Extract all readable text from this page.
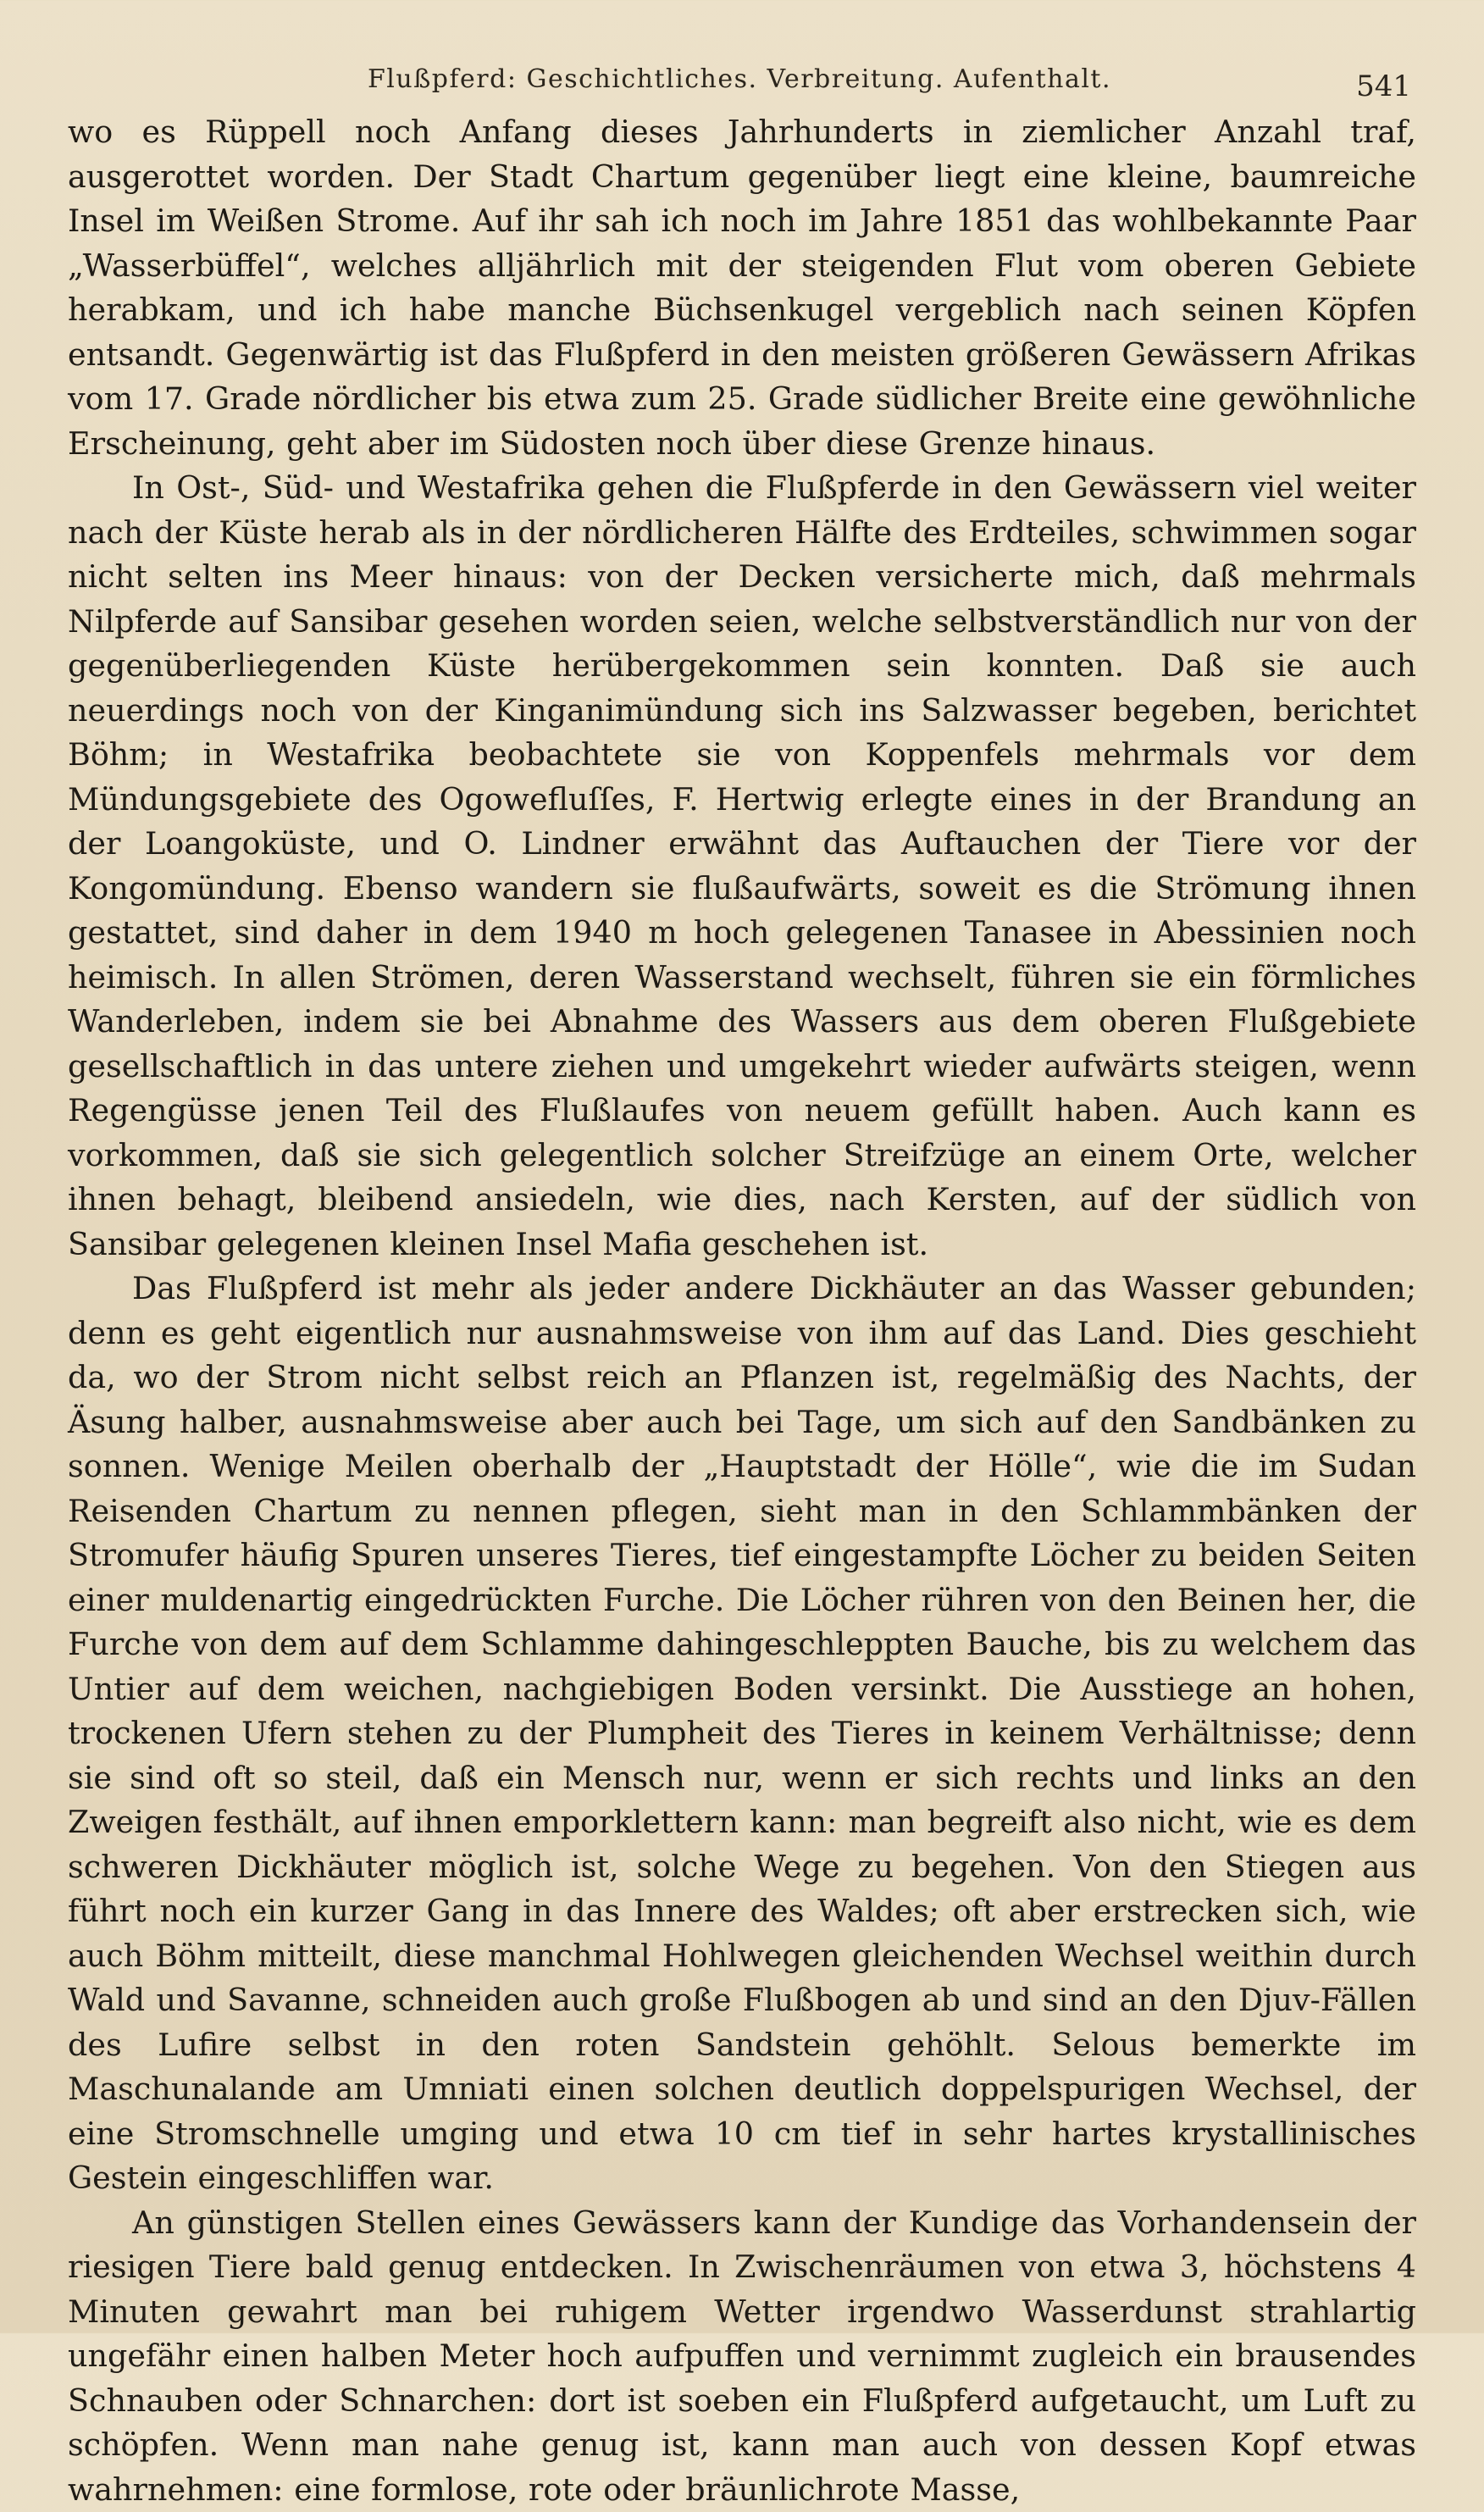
Flußpferd: Geschichtliches. Verbreitung. Aufenthalt.	541

wo es Rüppell noch Anfang dieses Jahrhunderts in ziemlicher Anzahl traf, ausgerottet worden. Der Stadt Chartum gegenüber liegt eine kleine, baumreiche Insel im Weißen Strome. Auf ihr sah ich noch im Jahre 1851 das wohlbekannte Paar „Wasserbüffel“, welches alljährlich mit der steigenden Flut vom oberen Gebiete herabkam, und ich habe manche Büchsenkugel vergeblich nach seinen Köpfen entsandt. Gegenwärtig ist das Flußpferd in den meisten größeren Gewässern Afrikas vom 17. Grade nördlicher bis etwa zum 25. Grade südlicher Breite eine gewöhnliche Erscheinung, geht aber im Südosten noch über diese Grenze hinaus.

In Ost-, Süd- und Westafrika gehen die Flußpferde in den Gewässern viel weiter nach der Küste herab als in der nördlicheren Hälfte des Erdteiles, schwimmen sogar nicht selten ins Meer hinaus: von der Decken versicherte mich, daß mehrmals Nilpferde auf Sansibar gesehen worden seien, welche selbstverständlich nur von der gegenüberliegenden Küste herübergekommen sein konnten. Daß sie auch neuerdings noch von der Kinganimündung sich ins Salzwasser begeben, berichtet Böhm; in Westafrika beobachtete sie von Koppenfels mehrmals vor dem Mündungsgebiete des Ogowefluſſes, F. Hertwig erlegte eines in der Brandung an der Loangoküste, und O. Lindner erwähnt das Auftauchen der Tiere vor der Kongomündung. Ebenso wandern sie flußaufwärts, soweit es die Strömung ihnen gestattet, sind daher in dem 1940 m hoch gelegenen Tanasee in Abessinien noch heimisch. In allen Strömen, deren Wasserstand wechselt, führen sie ein förmliches Wanderleben, indem sie bei Abnahme des Wassers aus dem oberen Flußgebiete gesellschaftlich in das untere ziehen und umgekehrt wieder aufwärts steigen, wenn Regengüsse jenen Teil des Flußlaufes von neuem gefüllt haben. Auch kann es vorkommen, daß sie sich gelegentlich solcher Streifzüge an einem Orte, welcher ihnen behagt, bleibend ansiedeln, wie dies, nach Kersten, auf der südlich von Sansibar gelegenen kleinen Insel Mafia geschehen ist.

Das Flußpferd ist mehr als jeder andere Dickhäuter an das Wasser gebunden; denn es geht eigentlich nur ausnahmsweise von ihm auf das Land. Dies geschieht da, wo der Strom nicht selbst reich an Pflanzen ist, regelmäßig des Nachts, der Äsung halber, ausnahmsweise aber auch bei Tage, um sich auf den Sandbänken zu sonnen. Wenige Meilen oberhalb der „Hauptstadt der Hölle“, wie die im Sudan Reisenden Chartum zu nennen pflegen, sieht man in den Schlammbänken der Stromufer häufig Spuren unseres Tieres, tief eingestampfte Löcher zu beiden Seiten einer muldenartig eingedrückten Furche. Die Löcher rühren von den Beinen her, die Furche von dem auf dem Schlamme dahingeschleppten Bauche, bis zu welchem das Untier auf dem weichen, nachgiebigen Boden versinkt. Die Ausstiege an hohen, trockenen Ufern stehen zu der Plumpheit des Tieres in keinem Verhältnisse; denn sie sind oft so steil, daß ein Mensch nur, wenn er sich rechts und links an den Zweigen festhält, auf ihnen emporklettern kann: man begreift also nicht, wie es dem schweren Dickhäuter möglich ist, solche Wege zu begehen. Von den Stiegen aus führt noch ein kurzer Gang in das Innere des Waldes; oft aber erstrecken sich, wie auch Böhm mitteilt, diese manchmal Hohlwegen gleichenden Wechsel weithin durch Wald und Savanne, schneiden auch große Flußbogen ab und sind an den Djuv-Fällen des Lufire selbst in den roten Sandstein gehöhlt. Selous bemerkte im Maschunalande am Umniati einen solchen deutlich doppelspurigen Wechsel, der eine Stromschnelle umging und etwa 10 cm tief in sehr hartes krystallinisches Gestein eingeschliffen war.

An günstigen Stellen eines Gewässers kann der Kundige das Vorhandensein der riesigen Tiere bald genug entdecken. In Zwischenräumen von etwa 3, höchstens 4 Minuten gewahrt man bei ruhigem Wetter irgendwo Wasserdunst strahlartig ungefähr einen halben Meter hoch aufpuffen und vernimmt zugleich ein brausendes Schnauben oder Schnarchen: dort ist soeben ein Flußpferd aufgetaucht, um Luft zu schöpfen. Wenn man nahe genug ist, kann man auch von dessen Kopf etwas wahrnehmen: eine formlose, rote oder bräunlichrote Masse,
